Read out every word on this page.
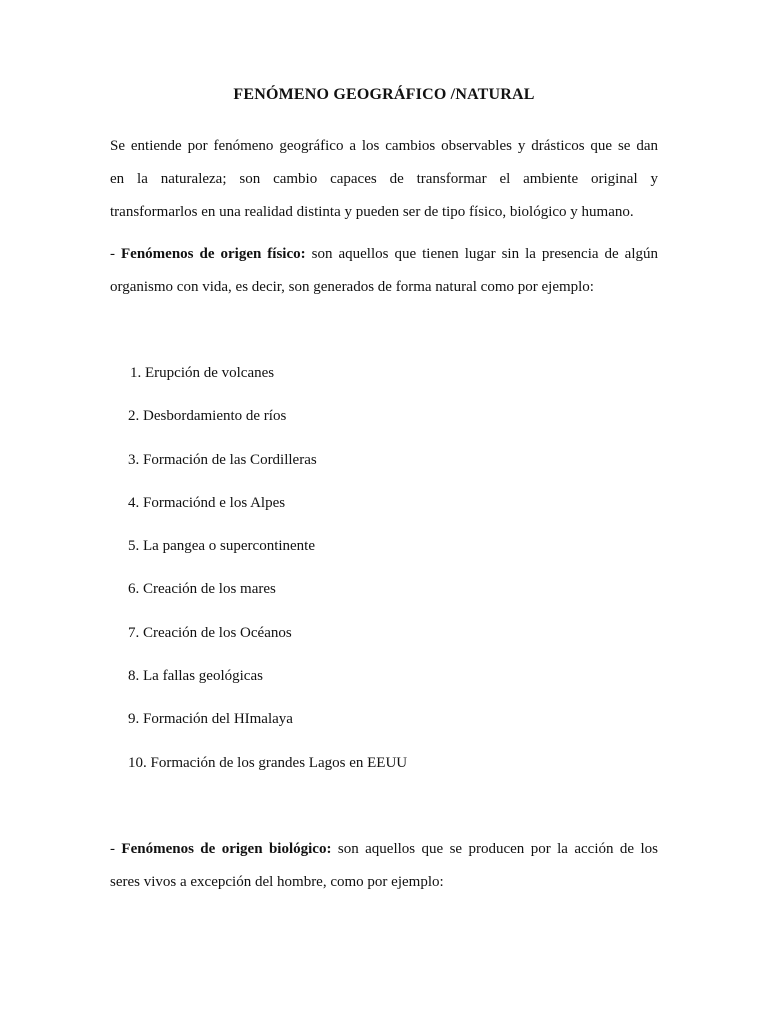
FENÓMENO GEOGRÁFICO /NATURAL
Se entiende por fenómeno geográfico a los cambios observables y drásticos que se dan
en la naturaleza; son cambio capaces de transformar el ambiente original y
transformarlos en una realidad distinta y pueden ser de tipo físico, biológico y humano.
- Fenómenos de origen físico: son aquellos que tienen lugar sin la presencia de algún
organismo con vida, es decir, son generados de forma natural como por ejemplo:
1. Erupción de volcanes
2. Desbordamiento de ríos
3. Formación de las Cordilleras
4. Formaciónd e los Alpes
5. La pangea o supercontinente
6. Creación de los mares
7. Creación de los Océanos
8. La fallas geológicas
9. Formación del HImalaya
10. Formación de los grandes Lagos en EEUU
- Fenómenos de origen biológico: son aquellos que se producen por la acción de los
seres vivos a excepción del hombre, como por ejemplo:
